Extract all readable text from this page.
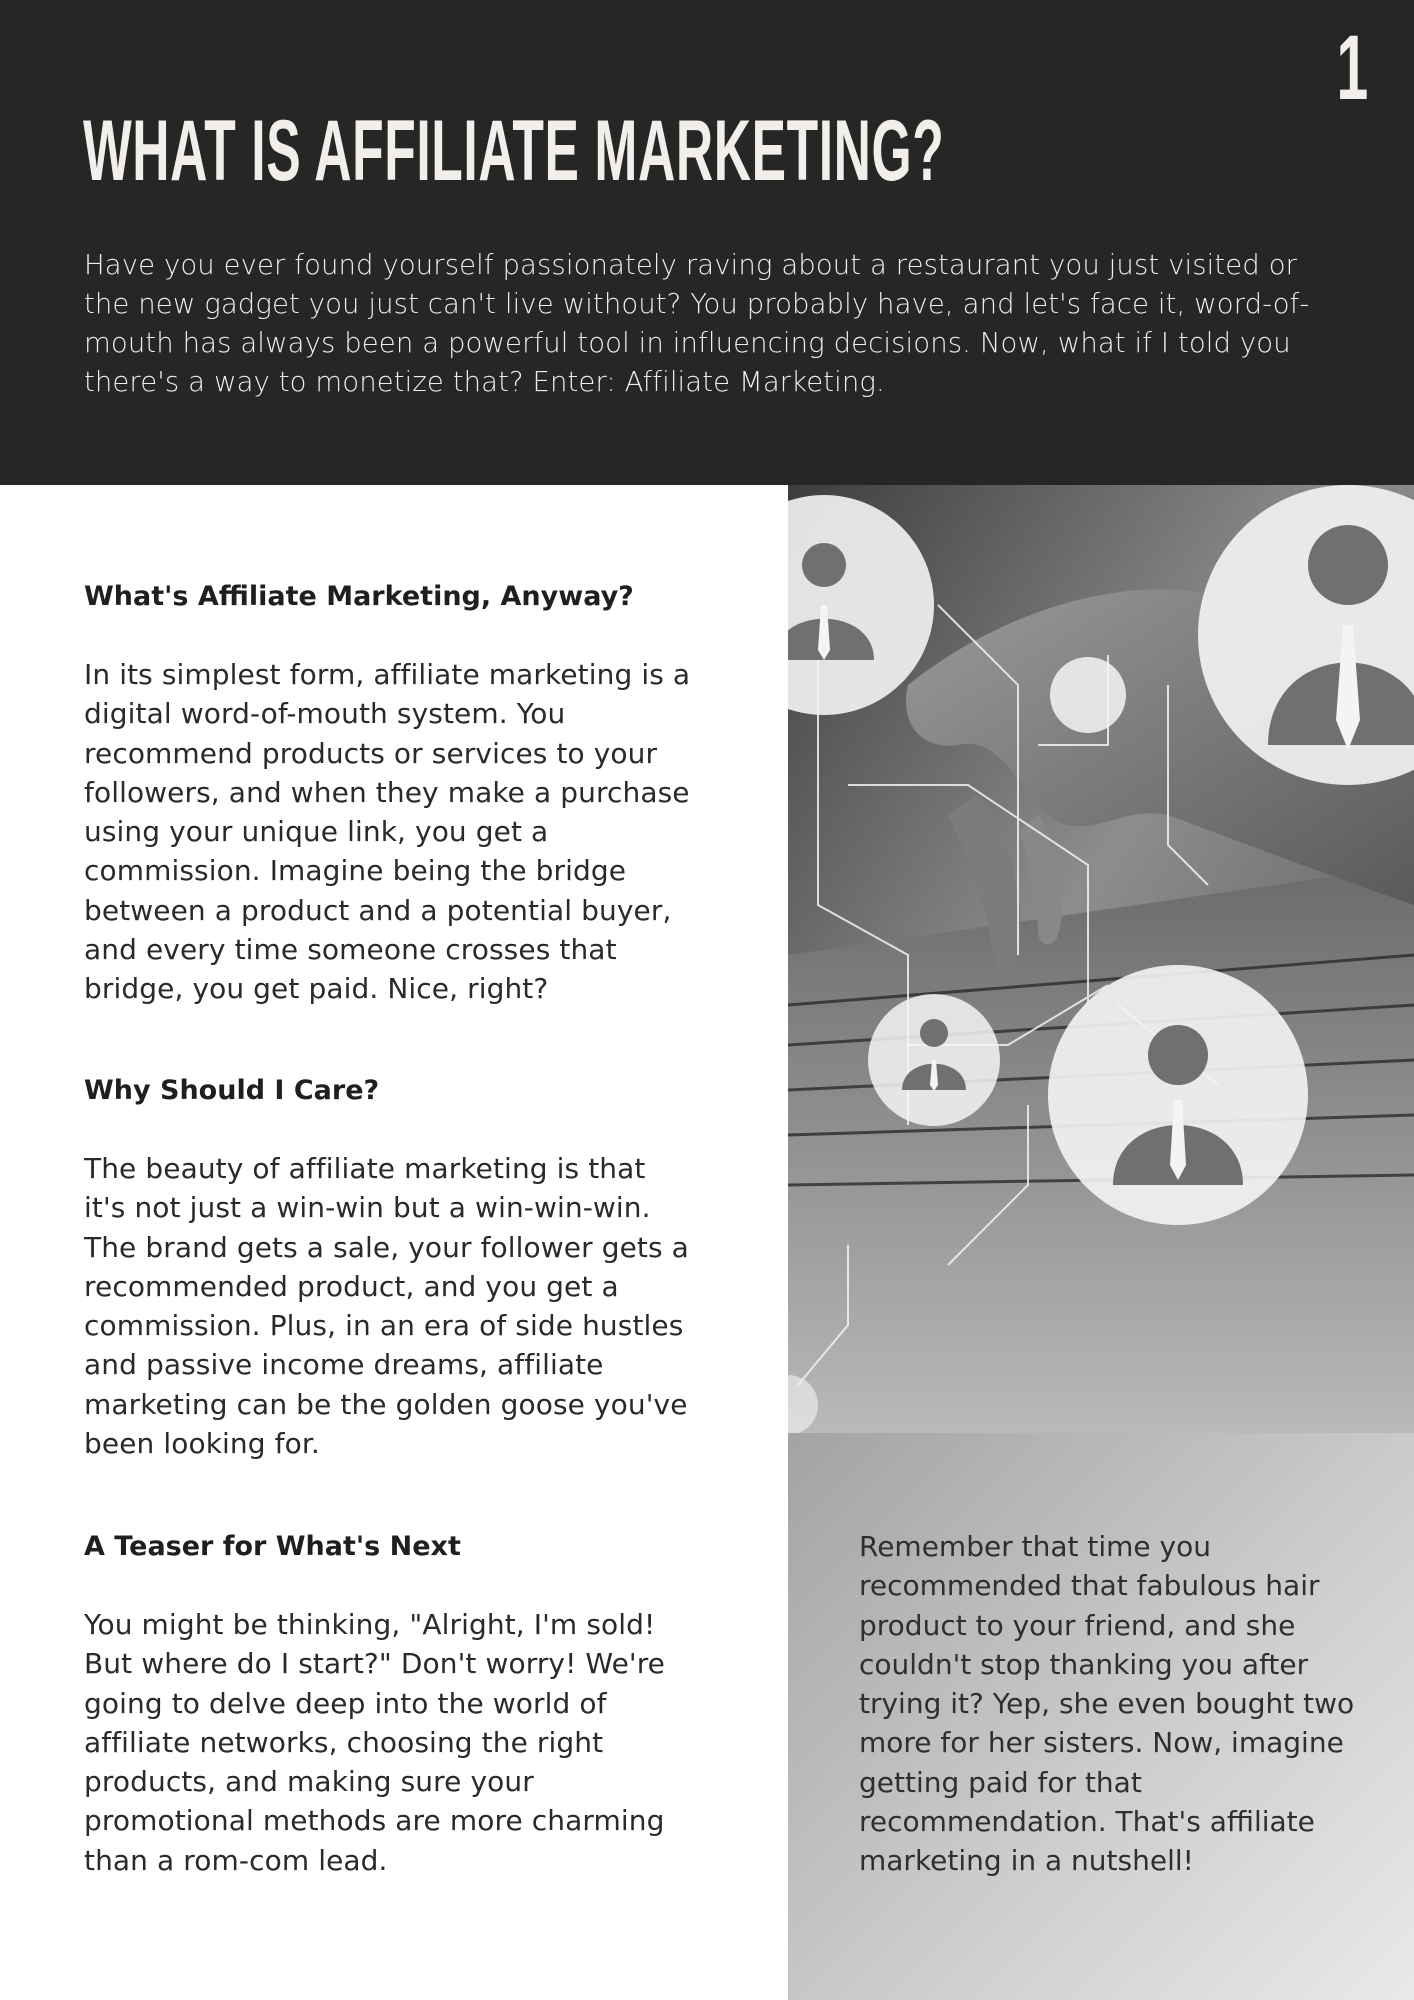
1
WHAT IS AFFILIATE MARKETING?

Have you ever found yourself passionately raving about a restaurant you just visited or the new gadget you just can't live without? You probably have, and let's face it, word-of-mouth has always been a powerful tool in influencing decisions. Now, what if I told you there's a way to monetize that? Enter: Affiliate Marketing.

What's Affiliate Marketing, Anyway?

In its simplest form, affiliate marketing is a digital word-of-mouth system. You recommend products or services to your followers, and when they make a purchase using your unique link, you get a commission. Imagine being the bridge between a product and a potential buyer, and every time someone crosses that bridge, you get paid. Nice, right?

Why Should I Care?

The beauty of affiliate marketing is that it's not just a win-win but a win-win-win. The brand gets a sale, your follower gets a recommended product, and you get a commission. Plus, in an era of side hustles and passive income dreams, affiliate marketing can be the golden goose you've been looking for.

A Teaser for What's Next

You might be thinking, "Alright, I'm sold! But where do I start?" Don't worry! We're going to delve deep into the world of affiliate networks, choosing the right products, and making sure your promotional methods are more charming than a rom-com lead.

Remember that time you recommended that fabulous hair product to your friend, and she couldn't stop thanking you after trying it? Yep, she even bought two more for her sisters. Now, imagine getting paid for that recommendation. That's affiliate marketing in a nutshell!
